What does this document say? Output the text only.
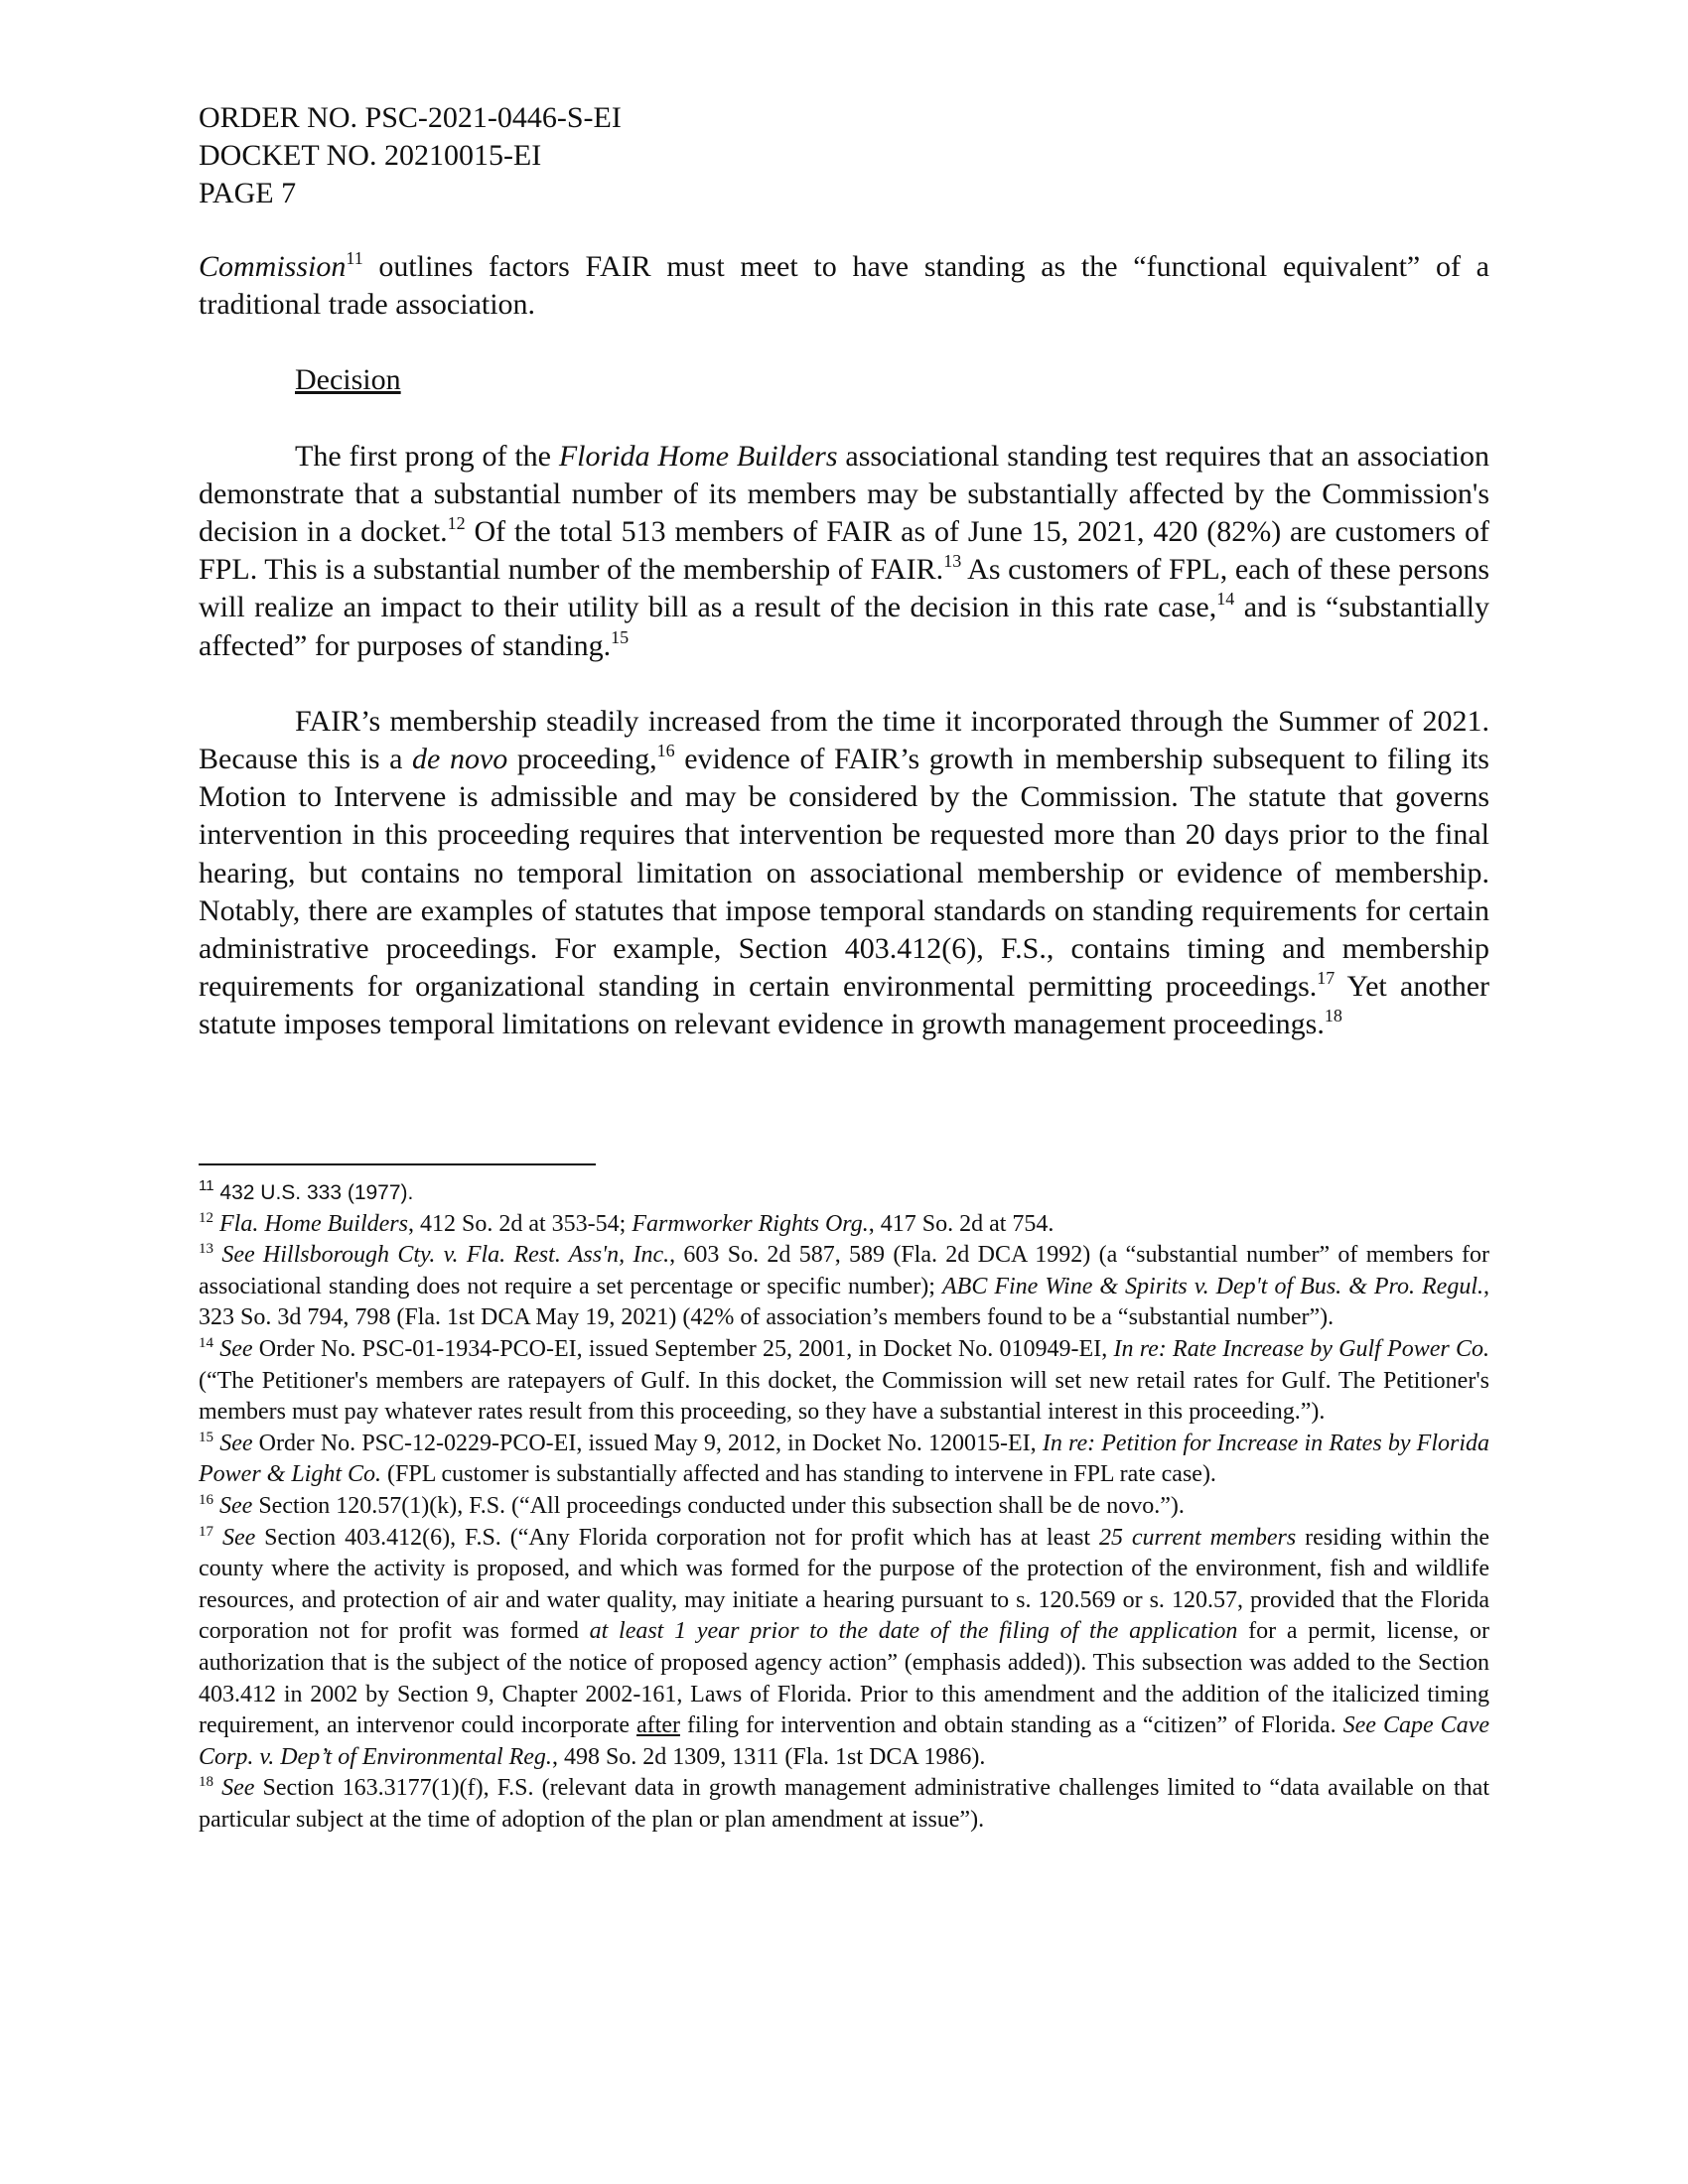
ORDER NO. PSC-2021-0446-S-EI
DOCKET NO. 20210015-EI
PAGE 7

Commission$^{11}$ outlines factors FAIR must meet to have standing as the “functional equivalent” of a traditional trade association.

Decision

The first prong of the Florida Home Builders associational standing test requires that an association demonstrate that a substantial number of its members may be substantially affected by the Commission's decision in a docket.$^{12}$ Of the total 513 members of FAIR as of June 15, 2021, 420 (82%) are customers of FPL. This is a substantial number of the membership of FAIR.$^{13}$ As customers of FPL, each of these persons will realize an impact to their utility bill as a result of the decision in this rate case,$^{14}$ and is “substantially affected” for purposes of standing.$^{15}$

FAIR’s membership steadily increased from the time it incorporated through the Summer of 2021. Because this is a de novo proceeding,$^{16}$ evidence of FAIR’s growth in membership subsequent to filing its Motion to Intervene is admissible and may be considered by the Commission. The statute that governs intervention in this proceeding requires that intervention be requested more than 20 days prior to the final hearing, but contains no temporal limitation on associational membership or evidence of membership. Notably, there are examples of statutes that impose temporal standards on standing requirements for certain administrative proceedings. For example, Section 403.412(6), F.S., contains timing and membership requirements for organizational standing in certain environmental permitting proceedings.$^{17}$ Yet another statute imposes temporal limitations on relevant evidence in growth management proceedings.$^{18}$

$^{11}$ 432 U.S. 333 (1977).

$^{12}$ Fla. Home Builders, 412 So. 2d at 353-54; Farmworker Rights Org., 417 So. 2d at 754.

$^{13}$ See Hillsborough Cty. v. Fla. Rest. Ass'n, Inc., 603 So. 2d 587, 589 (Fla. 2d DCA 1992) (a “substantial number” of members for associational standing does not require a set percentage or specific number); ABC Fine Wine & Spirits v. Dep't of Bus. & Pro. Regul., 323 So. 3d 794, 798 (Fla. 1st DCA May 19, 2021) (42% of association’s members found to be a “substantial number”).

$^{14}$ See Order No. PSC-01-1934-PCO-EI, issued September 25, 2001, in Docket No. 010949-EI, In re: Rate Increase by Gulf Power Co. (“The Petitioner's members are ratepayers of Gulf. In this docket, the Commission will set new retail rates for Gulf. The Petitioner's members must pay whatever rates result from this proceeding, so they have a substantial interest in this proceeding.”).

$^{15}$ See Order No. PSC-12-0229-PCO-EI, issued May 9, 2012, in Docket No. 120015-EI, In re: Petition for Increase in Rates by Florida Power & Light Co. (FPL customer is substantially affected and has standing to intervene in FPL rate case).

$^{16}$ See Section 120.57(1)(k), F.S. (“All proceedings conducted under this subsection shall be de novo.”).

$^{17}$ See Section 403.412(6), F.S. (“Any Florida corporation not for profit which has at least 25 current members residing within the county where the activity is proposed, and which was formed for the purpose of the protection of the environment, fish and wildlife resources, and protection of air and water quality, may initiate a hearing pursuant to s. 120.569 or s. 120.57, provided that the Florida corporation not for profit was formed at least 1 year prior to the date of the filing of the application for a permit, license, or authorization that is the subject of the notice of proposed agency action” (emphasis added)). This subsection was added to the Section 403.412 in 2002 by Section 9, Chapter 2002-161, Laws of Florida. Prior to this amendment and the addition of the italicized timing requirement, an intervenor could incorporate after filing for intervention and obtain standing as a “citizen” of Florida. See Cape Cave Corp. v. Dep’t of Environmental Reg., 498 So. 2d 1309, 1311 (Fla. 1st DCA 1986).

$^{18}$ See Section 163.3177(1)(f), F.S. (relevant data in growth management administrative challenges limited to “data available on that particular subject at the time of adoption of the plan or plan amendment at issue”).
